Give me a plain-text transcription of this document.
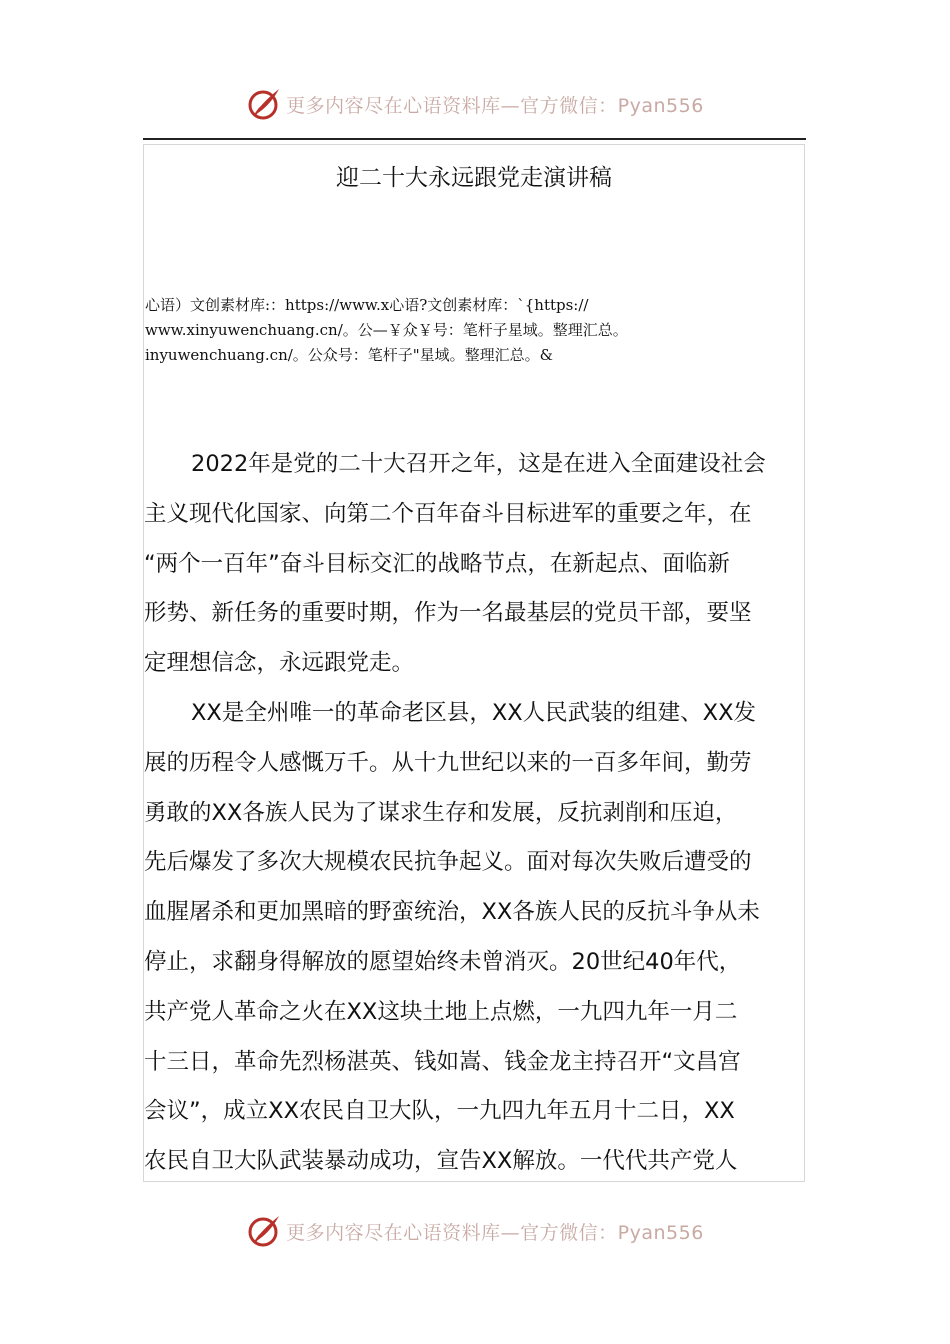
更多内容尽在心语资料库—官方微信：Pyan556
迎二十大永远跟党走演讲稿
心语）文创素材库:：https://www.x心语?文创素材库：`{https://
www.xinyuwenchuang.cn/。公—￥众￥号：笔杆子星域。整理汇总。
inyuwenchuang.cn/。公众号：笔杆子"星域。整理汇总。&
2022年是党的二十大召开之年，这是在进入全面建设社会
主义现代化国家、向第二个百年奋斗目标进军的重要之年，在
“两个一百年”奋斗目标交汇的战略节点，在新起点、面临新
形势、新任务的重要时期，作为一名最基层的党员干部，要坚
定理想信念，永远跟党走。
XX是全州唯一的革命老区县，XX人民武装的组建、XX发
展的历程令人感慨万千。从十九世纪以来的一百多年间，勤劳
勇敢的XX各族人民为了谋求生存和发展，反抗剥削和压迫，
先后爆发了多次大规模农民抗争起义。面对每次失败后遭受的
血腥屠杀和更加黑暗的野蛮统治，XX各族人民的反抗斗争从未
停止，求翻身得解放的愿望始终未曾消灭。20世纪40年代，
共产党人革命之火在XX这块土地上点燃，一九四九年一月二
十三日，革命先烈杨湛英、钱如嵩、钱金龙主持召开“文昌宫
会议”，成立XX农民自卫大队，一九四九年五月十二日，XX
农民自卫大队武装暴动成功，宣告XX解放。一代代共产党人
更多内容尽在心语资料库—官方微信：Pyan556
